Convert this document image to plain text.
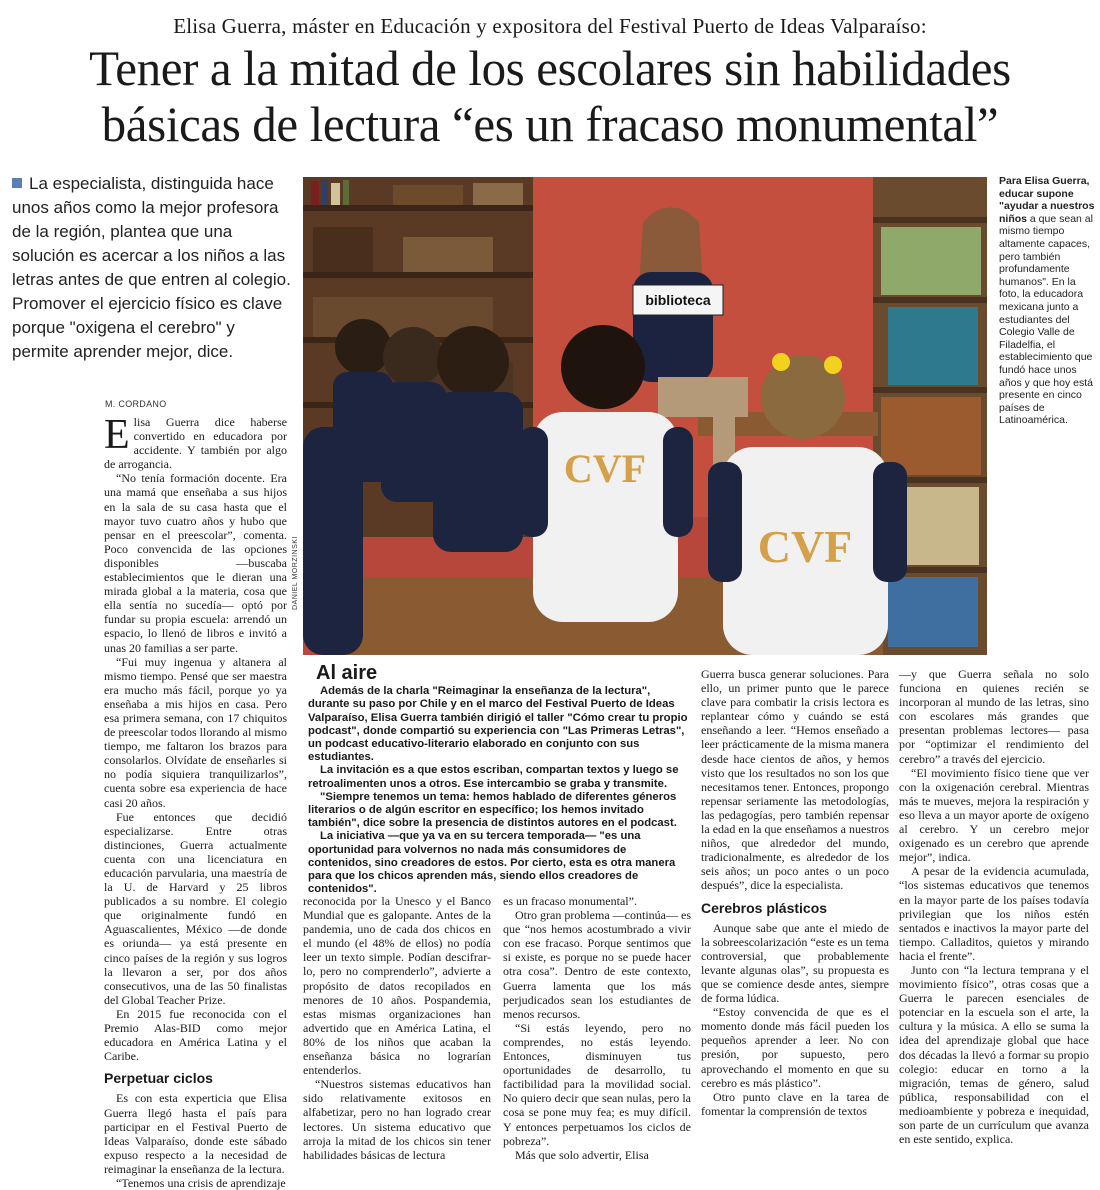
Elisa Guerra, máster en Educación y expositora del Festival Puerto de Ideas Valparaíso:
Tener a la mitad de los escolares sin habilidades
básicas de lectura “es un fracaso monumental”
La especialista, distinguida hace unos años como la mejor profesora de la región, plantea que una solución es acercar a los niños a las letras antes de que entren al colegio. Promover el ejercicio físico es clave porque "oxigena el cerebro" y permite aprender mejor, dice.
M. CORDANO

Elisa Guerra dice haberse convertido en educadora por accidente. Y también por algo de arrogancia.

“No tenía formación docente. Era una mamá que enseñaba a sus hijos en la sala de su casa hasta que el mayor tuvo cuatro años y hubo que pensar en el preescolar”, comenta. Poco convencida de las opciones disponibles —buscaba establecimientos que le dieran una mirada global a la materia, cosa que ella sentía no sucedía— optó por fundar su propia escuela: arrendó un espacio, lo llenó de libros e invitó a unas 20 familias a ser parte.

“Fui muy ingenua y altanera al mismo tiempo. Pensé que ser maestra era mucho más fácil, porque yo ya enseñaba a mis hijos en casa. Pero esa primera semana, con 17 chiquitos de preescolar todos llorando al mismo tiempo, me faltaron los brazos para consolarlos. Olvídate de enseñarles si no podía siquiera tranquilizarlos”, cuenta sobre esa experiencia de hace casi 20 años.

Fue entonces que decidió especializarse. Entre otras distinciones, Guerra actualmente cuenta con una licenciatura en educación parvularia, una maestría de la U. de Harvard y 25 libros publicados a su nombre. El colegio que originalmente fundó en Aguascalientes, México —de donde es oriunda— ya está presente en cinco países de la región y sus logros la llevaron a ser, por dos años consecutivos, una de las 50 finalistas del Global Teacher Prize.

En 2015 fue reconocida con el Premio Alas-BID como mejor educadora en América Latina y el Caribe.

Perpetuar ciclos

Es con esta experticia que Elisa Guerra llegó hasta el país para participar en el Festival Puerto de Ideas Valparaíso, donde este sábado expuso respecto a la necesidad de reimaginar la enseñanza de la lectura.

“Tenemos una crisis de aprendizaje

biblioteca
CVF
CVF
DANIEL MORZINSKI
Para Elisa Guerra, educar supone "ayudar a nuestros niños a que sean al mismo tiempo altamente capaces, pero también profundamente humanos". En la foto, la educadora mexicana junto a estudiantes del Colegio Valle de Filadelfia, el establecimiento que fundó hace unos años y que hoy está presente en cinco países de Latinoamérica.
Al aire

Además de la charla "Reimaginar la enseñanza de la lectura", durante su paso por Chile y en el marco del Festival Puerto de Ideas Valparaíso, Elisa Guerra también dirigió el taller "Cómo crear tu propio podcast", donde compartió su experiencia con "Las Primeras Letras", un podcast educativo-literario elaborado en conjunto con sus estudiantes.

La invitación es a que estos escriban, compartan textos y luego se retroalimenten unos a otros. Ese intercambio se graba y transmite.

"Siempre tenemos un tema: hemos hablado de diferentes géneros literarios o de algún escritor en específico; los hemos invitado también", dice sobre la presencia de distintos autores en el podcast.

La iniciativa —que ya va en su tercera temporada— "es una oportunidad para volvernos no nada más consumidores de contenidos, sino creadores de estos. Por cierto, esta es otra manera para que los chicos aprenden más, siendo ellos creadores de contenidos".

reconocida por la Unesco y el Banco Mundial que es galopante. Antes de la pandemia, uno de cada dos chicos en el mundo (el 48% de ellos) no podía leer un texto simple. Podían descifrar-lo, pero no comprenderlo”, advierte a propósito de datos recopilados en menores de 10 años. Pospandemia, estas mismas organizaciones han advertido que en América Latina, el 80% de los niños que acaban la enseñanza básica no lograrían entenderlos.

“Nuestros sistemas educativos han sido relativamente exitosos en alfabetizar, pero no han logrado crear lectores. Un sistema educativo que arroja la mitad de los chicos sin tener habilidades básicas de lectura

es un fracaso monumental”.

Otro gran problema —continúa— es que “nos hemos acostumbrado a vivir con ese fracaso. Porque sentimos que si existe, es porque no se puede hacer otra cosa”. Dentro de este contexto, Guerra lamenta que los más perjudicados sean los estudiantes de menos recursos.

“Si estás leyendo, pero no comprendes, no estás leyendo. Entonces, disminuyen tus oportunidades de desarrollo, tu factibilidad para la movilidad social. No quiero decir que sean nulas, pero la cosa se pone muy fea; es muy difícil. Y entonces perpetuamos los ciclos de pobreza”.

Más que solo advertir, Elisa

Guerra busca generar soluciones. Para ello, un primer punto que le parece clave para combatir la crisis lectora es replantear cómo y cuándo se está enseñando a leer. “Hemos enseñado a leer prácticamente de la misma manera desde hace cientos de años, y hemos visto que los resultados no son los que necesitamos tener. Entonces, propongo repensar seriamente las metodologías, las pedagogías, pero también repensar la edad en la que enseñamos a nuestros niños, que alrededor del mundo, tradicionalmente, es alrededor de los seis años; un poco antes o un poco después”, dice la especialista.

Cerebros plásticos

Aunque sabe que ante el miedo de la sobreescolarización “este es un tema controversial, que probablemente levante algunas olas”, su propuesta es que se comience desde antes, siempre de forma lúdica.

“Estoy convencida de que es el momento donde más fácil pueden los pequeños aprender a leer. No con presión, por supuesto, pero aprovechando el momento en que su cerebro es más plástico”.

Otro punto clave en la tarea de fomentar la comprensión de textos

—y que Guerra señala no solo funciona en quienes recién se incorporan al mundo de las letras, sino con escolares más grandes que presentan problemas lectores— pasa por “optimizar el rendimiento del cerebro” a través del ejercicio.

“El movimiento físico tiene que ver con la oxigenación cerebral. Mientras más te mueves, mejora la respiración y eso lleva a un mayor aporte de oxígeno al cerebro. Y un cerebro mejor oxigenado es un cerebro que aprende mejor”, indica.

A pesar de la evidencia acumulada, “los sistemas educativos que tenemos en la mayor parte de los países todavía privilegian que los niños estén sentados e inactivos la mayor parte del tiempo. Calladitos, quietos y mirando hacia el frente”.

Junto con “la lectura temprana y el movimiento físico”, otras cosas que a Guerra le parecen esenciales de potenciar en la escuela son el arte, la cultura y la música. A ello se suma la idea del aprendizaje global que hace dos décadas la llevó a formar su propio colegio: educar en torno a la migración, temas de género, salud pública, responsabilidad con el medioambiente y pobreza e inequidad, son parte de un currículum que avanza en este sentido, explica.
